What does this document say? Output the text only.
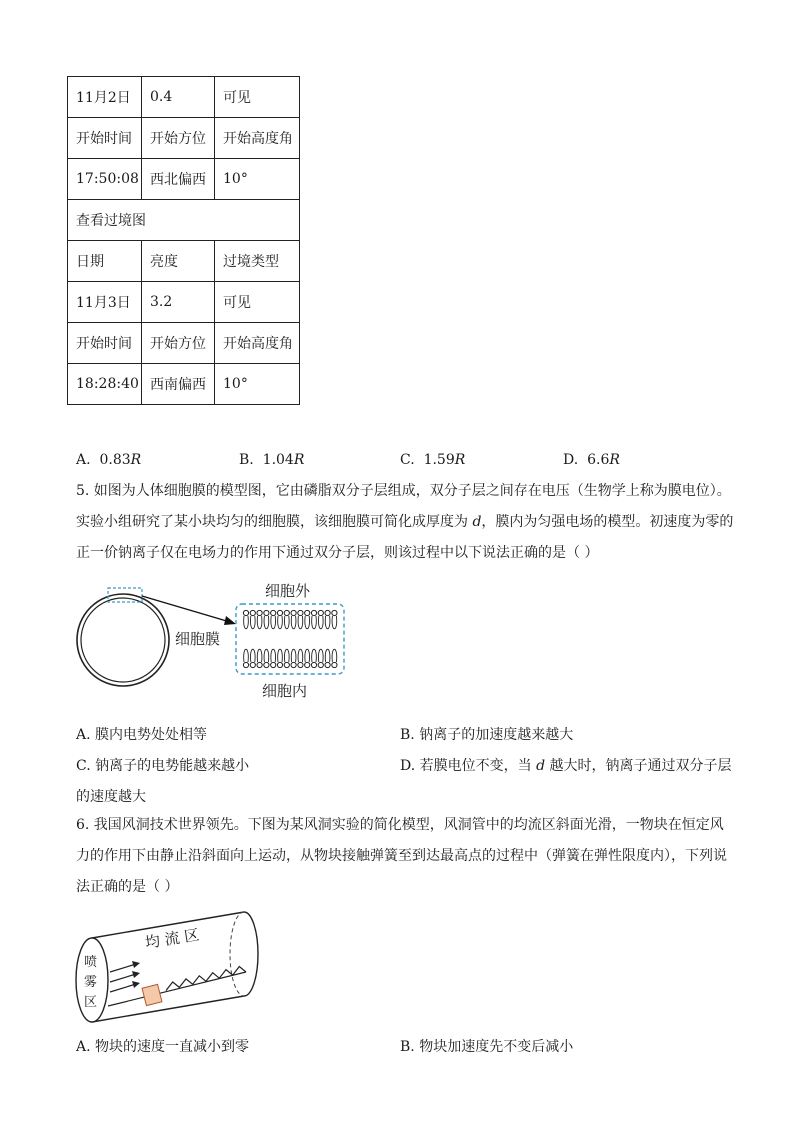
11月2日	0.4	可见
开始时间	开始方位	开始高度角
17:50:08	西北偏西	10°
查看过境图		
日期	亮度	过境类型
11月3日	3.2	可见
开始时间	开始方位	开始高度角
18:28:40	西南偏西	10°
A. 0.83R	B. 1.04R	C. 1.59R	D. 6.6R
5. 如图为人体细胞膜的模型图，它由磷脂双分子层组成，双分子层之间存在电压（生物学上称为膜电位）。
实验小组研究了某小块均匀的细胞膜，该细胞膜可简化成厚度为 d，膜内为匀强电场的模型。初速度为零的
正一价钠离子仅在电场力的作用下通过双分子层，则该过程中以下说法正确的是（ ）
细胞外
细胞膜
细胞内
A. 膜内电势处处相等	B. 钠离子的加速度越来越大
C. 钠离子的电势能越来越小	D. 若膜电位不变，当 d 越大时，钠离子通过双分子层
的速度越大
6. 我国风洞技术世界领先。下图为某风洞实验的简化模型，风洞管中的均流区斜面光滑，一物块在恒定风
力的作用下由静止沿斜面向上运动，从物块接触弹簧至到达最高点的过程中（弹簧在弹性限度内），下列说
法正确的是（ ）
喷
雾
区
均 流 区
A. 物块的速度一直减小到零	B. 物块加速度先不变后减小
